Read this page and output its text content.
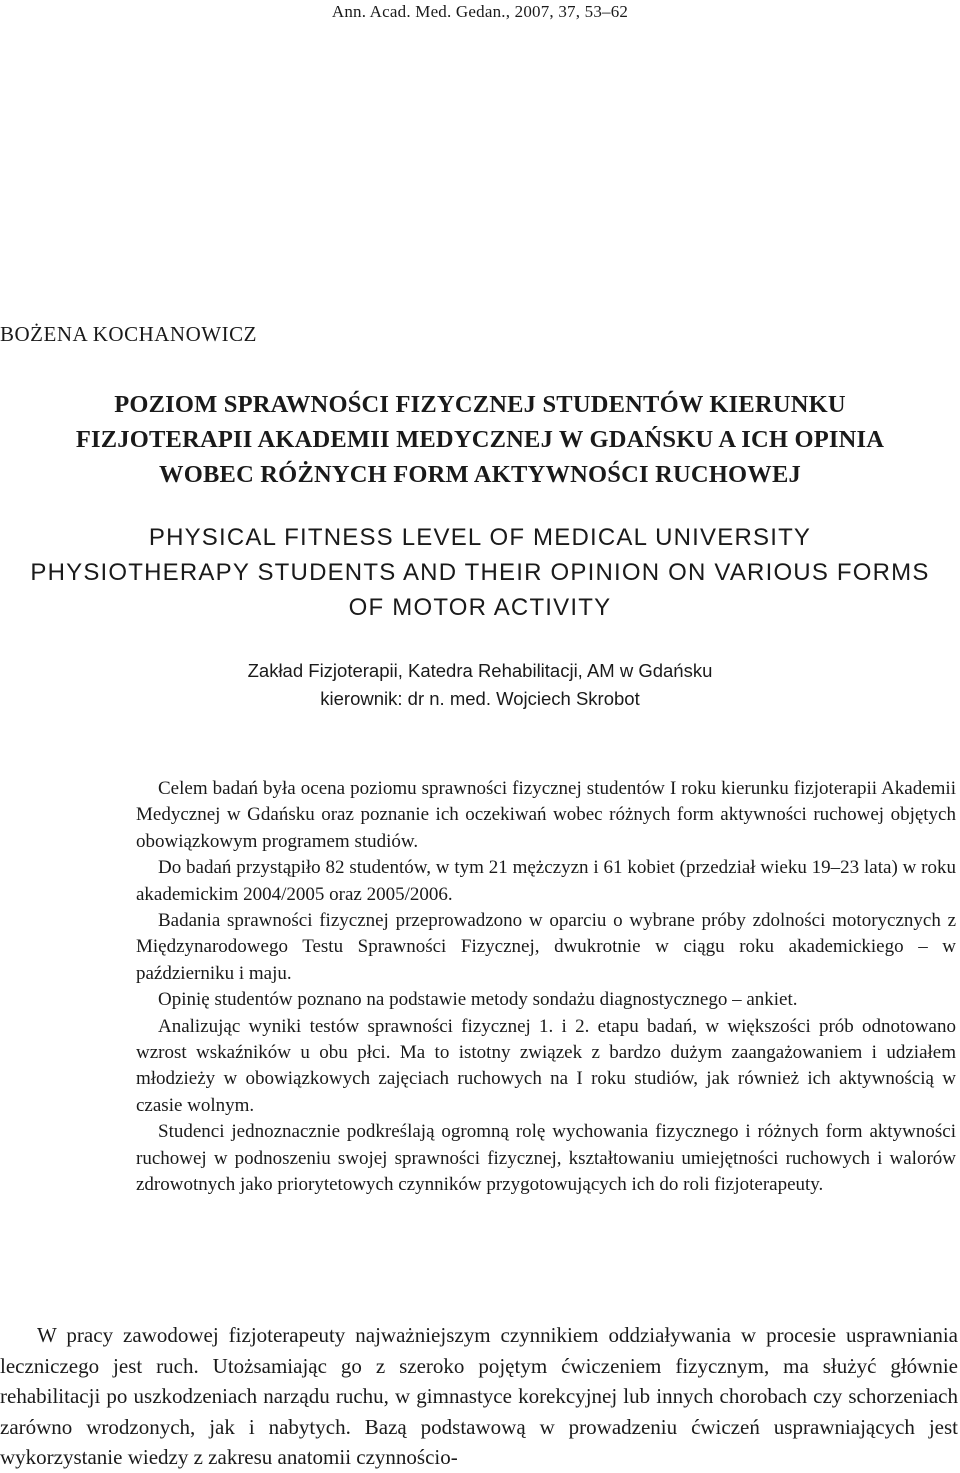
Ann. Acad. Med. Gedan., 2007, 37, 53–62
BOŻENA KOCHANOWICZ
POZIOM SPRAWNOŚCI FIZYCZNEJ STUDENTÓW KIERUNKU
FIZJOTERAPII AKADEMII MEDYCZNEJ W GDAŃSKU A ICH OPINIA
WOBEC RÓŻNYCH FORM AKTYWNOŚCI RUCHOWEJ
PHYSICAL FITNESS LEVEL OF MEDICAL UNIVERSITY
PHYSIOTHERAPY STUDENTS AND THEIR OPINION ON VARIOUS FORMS
OF MOTOR ACTIVITY
Zakład Fizjoterapii, Katedra Rehabilitacji, AM w Gdańsku
kierownik: dr n. med. Wojciech Skrobot

Celem badań była ocena poziomu sprawności fizycznej studentów I roku kierunku fizjoterapii Akademii Medycznej w Gdańsku oraz poznanie ich oczekiwań wobec różnych form aktywności ruchowej objętych obowiązkowym programem studiów.

Do badań przystąpiło 82 studentów, w tym 21 mężczyzn i 61 kobiet (przedział wieku 19–23 lata) w roku akademickim 2004/2005 oraz 2005/2006.

Badania sprawności fizycznej przeprowadzono w oparciu o wybrane próby zdolności motorycznych z Międzynarodowego Testu Sprawności Fizycznej, dwukrotnie w ciągu roku akademickiego – w październiku i maju.

Opinię studentów poznano na podstawie metody sondażu diagnostycznego – ankiet.

Analizując wyniki testów sprawności fizycznej 1. i 2. etapu badań, w większości prób odnotowano wzrost wskaźników u obu płci. Ma to istotny związek z bardzo dużym zaangażowaniem i udziałem młodzieży w obowiązkowych zajęciach ruchowych na I roku studiów, jak również ich aktywnością w czasie wolnym.

Studenci jednoznacznie podkreślają ogromną rolę wychowania fizycznego i różnych form aktywności ruchowej w podnoszeniu swojej sprawności fizycznej, kształtowaniu umiejętności ruchowych i walorów zdrowotnych jako priorytetowych czynników przygotowujących ich do roli fizjoterapeuty.

W pracy zawodowej fizjoterapeuty najważniejszym czynnikiem oddziaływania w procesie usprawniania leczniczego jest ruch. Utożsamiając go z szeroko pojętym ćwiczeniem fizycznym, ma służyć głównie rehabilitacji po uszkodzeniach narządu ruchu, w gimnastyce korekcyjnej lub innych chorobach czy schorzeniach zarówno wrodzonych, jak i nabytych. Bazą podstawową w prowadzeniu ćwiczeń usprawniających jest wykorzystanie wiedzy z zakresu anatomii czynnościo-
